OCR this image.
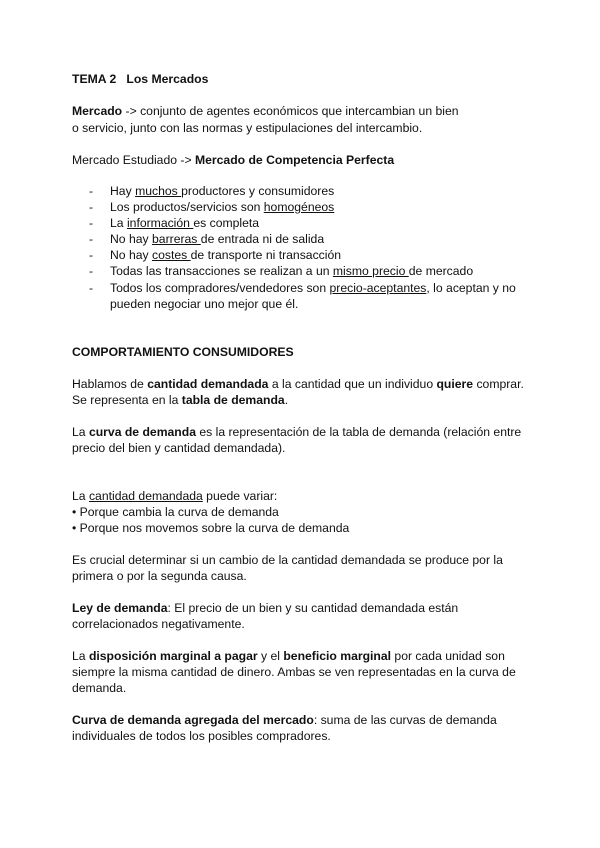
TEMA 2 Los Mercados
Mercado -> conjunto de agentes económicos que intercambian un bien
o servicio, junto con las normas y estipulaciones del intercambio.
Mercado Estudiado -> Mercado de Competencia Perfecta
- Hay muchos productores y consumidores
- Los productos/servicios son homogéneos
- La información es completa
- No hay barreras de entrada ni de salida
- No hay costes de transporte ni transacción
- Todas las transacciones se realizan a un mismo precio de mercado
- Todos los compradores/vendedores son precio-aceptantes, lo aceptan y no
pueden negociar uno mejor que él.
COMPORTAMIENTO CONSUMIDORES
Hablamos de cantidad demandada a la cantidad que un individuo quiere comprar.
Se representa en la tabla de demanda.
La curva de demanda es la representación de la tabla de demanda (relación entre
precio del bien y cantidad demandada).
La cantidad demandada puede variar:
• Porque cambia la curva de demanda
• Porque nos movemos sobre la curva de demanda
Es crucial determinar si un cambio de la cantidad demandada se produce por la
primera o por la segunda causa.
Ley de demanda: El precio de un bien y su cantidad demandada están
correlacionados negativamente.
La disposición marginal a pagar y el beneficio marginal por cada unidad son
siempre la misma cantidad de dinero. Ambas se ven representadas en la curva de
demanda.
Curva de demanda agregada del mercado: suma de las curvas de demanda
individuales de todos los posibles compradores.
